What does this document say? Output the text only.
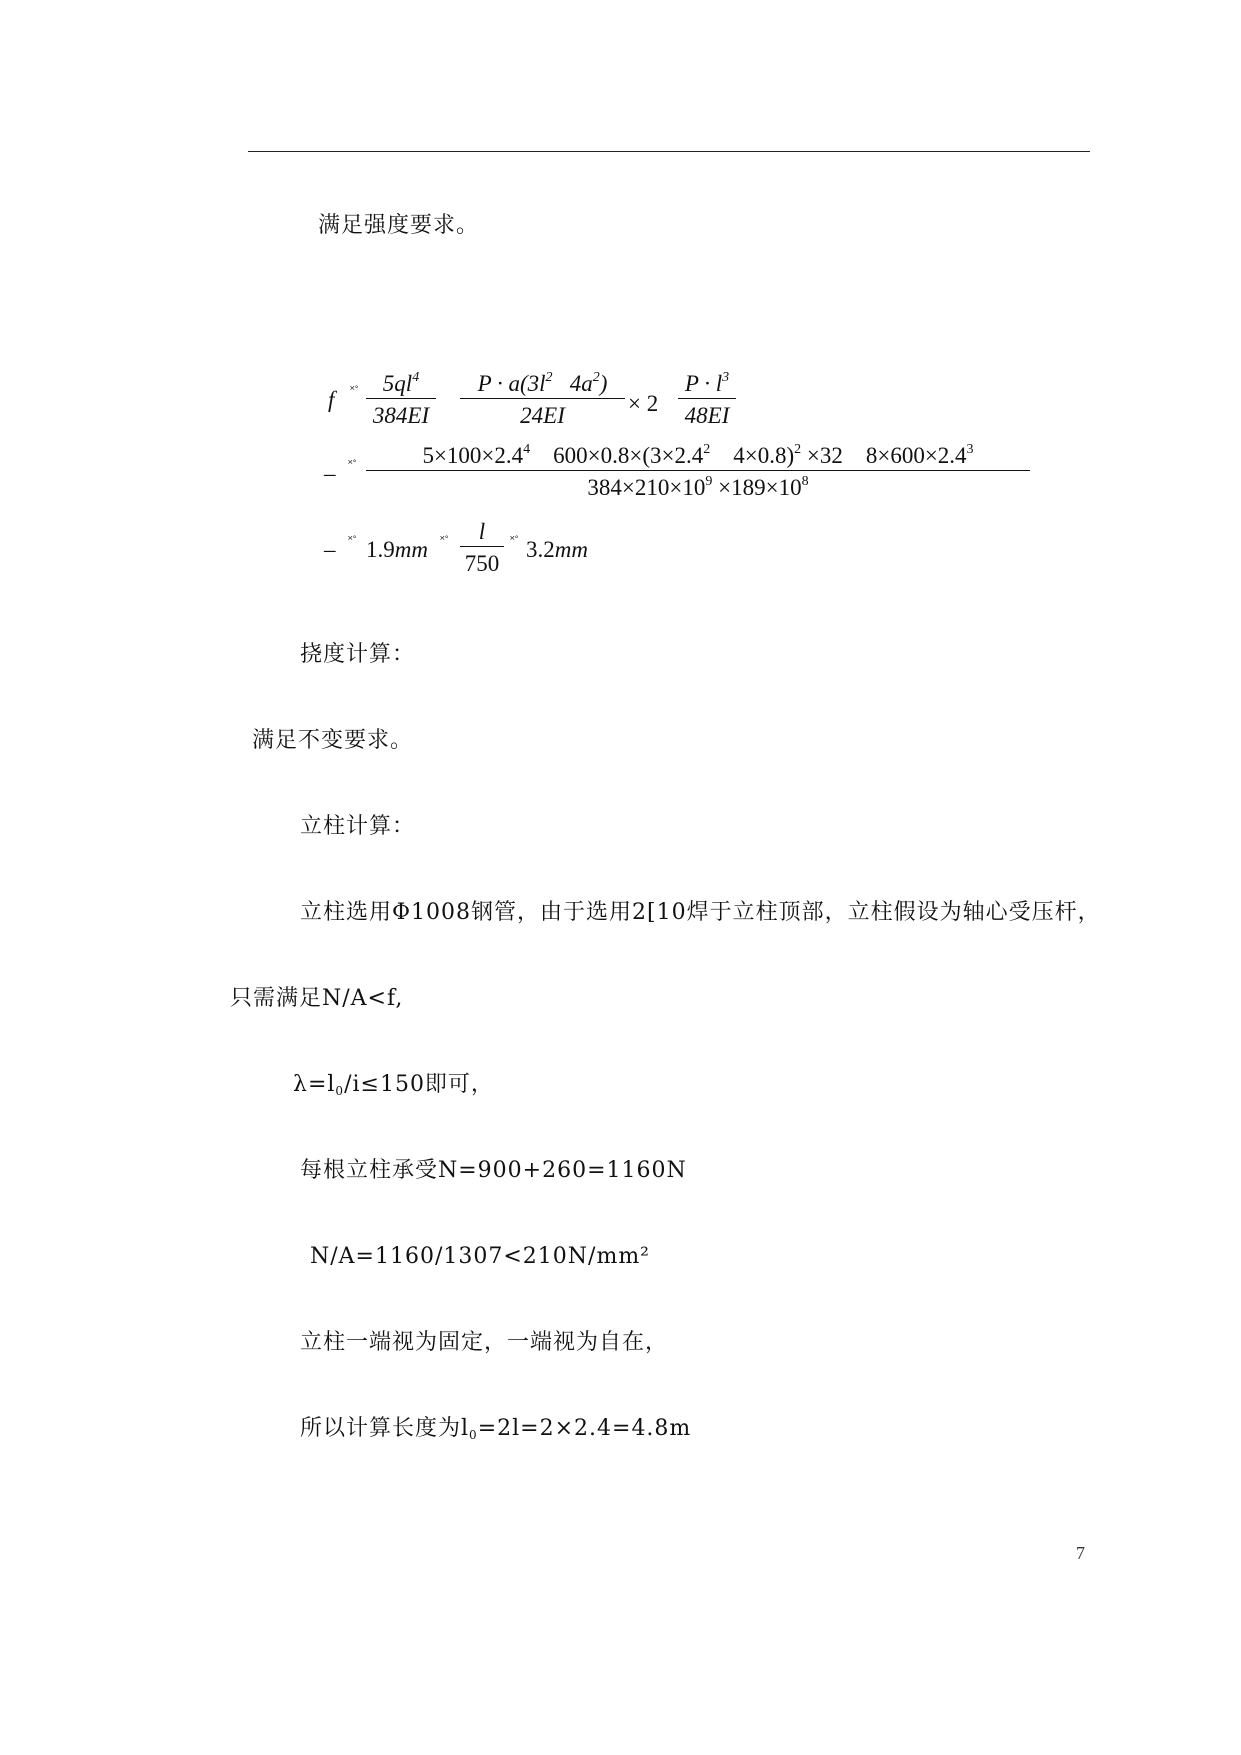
满足强度要求。
f ˟˚	$5ql^4$
384EI
$P \cdot a(3l^2$ $4a^2$)
24EI	× 2
$P \cdot l^3$
48EI
– ˟˚	$5\times 100\times 2.4^4$ $600\times 0.8\times(3\times 2.4^2$ 4×0.8)$^2$ ×32 $8\times 600\times 2.4^3$
$384\times 210\times 10^9 \times 189\times 10^8$
– ˟˚ 1.9mm ˟˚	l
750
˟˚ 3.2mm
挠度计算：
满足不变要求。
立柱计算：
立柱选用Φ1008钢管，由于选用2[10焊于立柱顶部，立柱假设为轴心受压杆，
只需满足N/A<f,
$\lambda=l_0/i\le 150$即可，
每根立柱承受N=900+260=1160N
N/A=1160/1307<210N/mm²
立柱一端视为固定，一端视为自在，
所以计算长度为$l_0=2l=2\times 2.4=4.8m$
7
